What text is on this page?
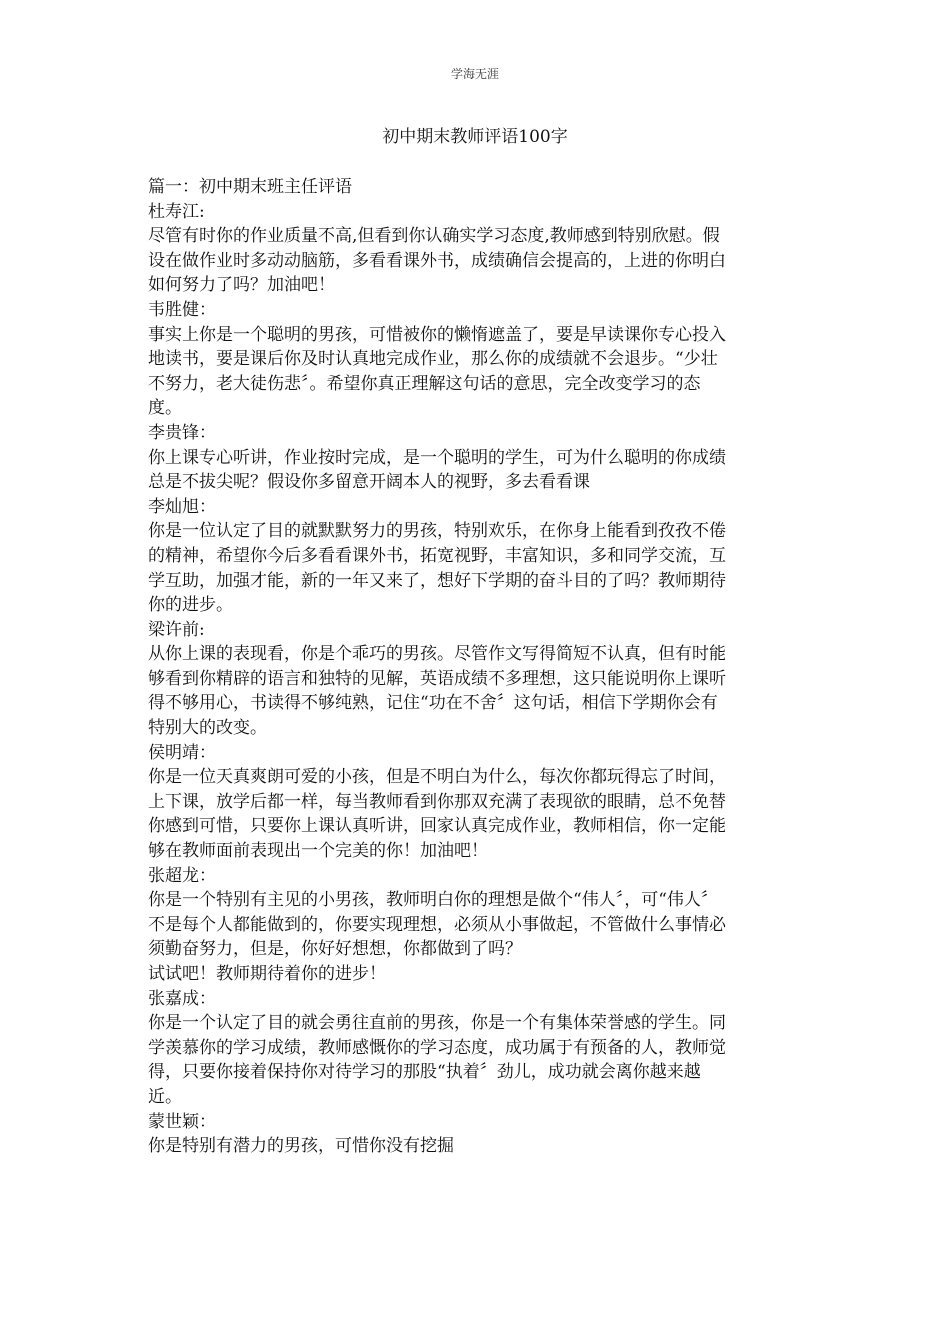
学海无涯
初中期末教师评语100字

篇一：初中期末班主任评语

杜寿江:

尽管有时你的作业质量不高,但看到你认确实学习态度,教师感到特别欣慰。假

设在做作业时多动动脑筋，多看看课外书，成绩确信会提高的，上进的你明白

如何努力了吗？加油吧！

韦胜健：

事实上你是一个聪明的男孩，可惜被你的懒惰遮盖了，要是早读课你专心投入

地读书，要是课后你及时认真地完成作业，那么你的成绩就不会退步。“少壮

不努力，老大徒伤悲〞。希望你真正理解这句话的意思，完全改变学习的态

度。

李贵锋：

你上课专心听讲，作业按时完成，是一个聪明的学生，可为什么聪明的你成绩

总是不拔尖呢？假设你多留意开阔本人的视野，多去看看课

李灿旭：

你是一位认定了目的就默默努力的男孩，特别欢乐，在你身上能看到孜孜不倦

的精神，希望你今后多看看课外书，拓宽视野，丰富知识，多和同学交流，互

学互助，加强才能，新的一年又来了，想好下学期的奋斗目的了吗？教师期待

你的进步。

梁许前:

从你上课的表现看，你是个乖巧的男孩。尽管作文写得简短不认真，但有时能

够看到你精辟的语言和独特的见解，英语成绩不多理想，这只能说明你上课听

得不够用心，书读得不够纯熟，记住“功在不舍〞这句话，相信下学期你会有

特别大的改变。

侯明靖：

你是一位天真爽朗可爱的小孩，但是不明白为什么，每次你都玩得忘了时间，

上下课，放学后都一样，每当教师看到你那双充满了表现欲的眼睛，总不免替

你感到可惜，只要你上课认真听讲，回家认真完成作业，教师相信，你一定能

够在教师面前表现出一个完美的你！加油吧！

张超龙：

你是一个特别有主见的小男孩，教师明白你的理想是做个“伟人〞，可“伟人〞

不是每个人都能做到的，你要实现理想，必须从小事做起，不管做什么事情必

须勤奋努力，但是，你好好想想，你都做到了吗？

试试吧！教师期待着你的进步！

张嘉成：

你是一个认定了目的就会勇往直前的男孩，你是一个有集体荣誉感的学生。同

学羡慕你的学习成绩，教师感慨你的学习态度，成功属于有预备的人，教师觉

得，只要你接着保持你对待学习的那股“执着〞劲儿，成功就会离你越来越

近。

蒙世颖：

你是特别有潜力的男孩，可惜你没有挖掘
